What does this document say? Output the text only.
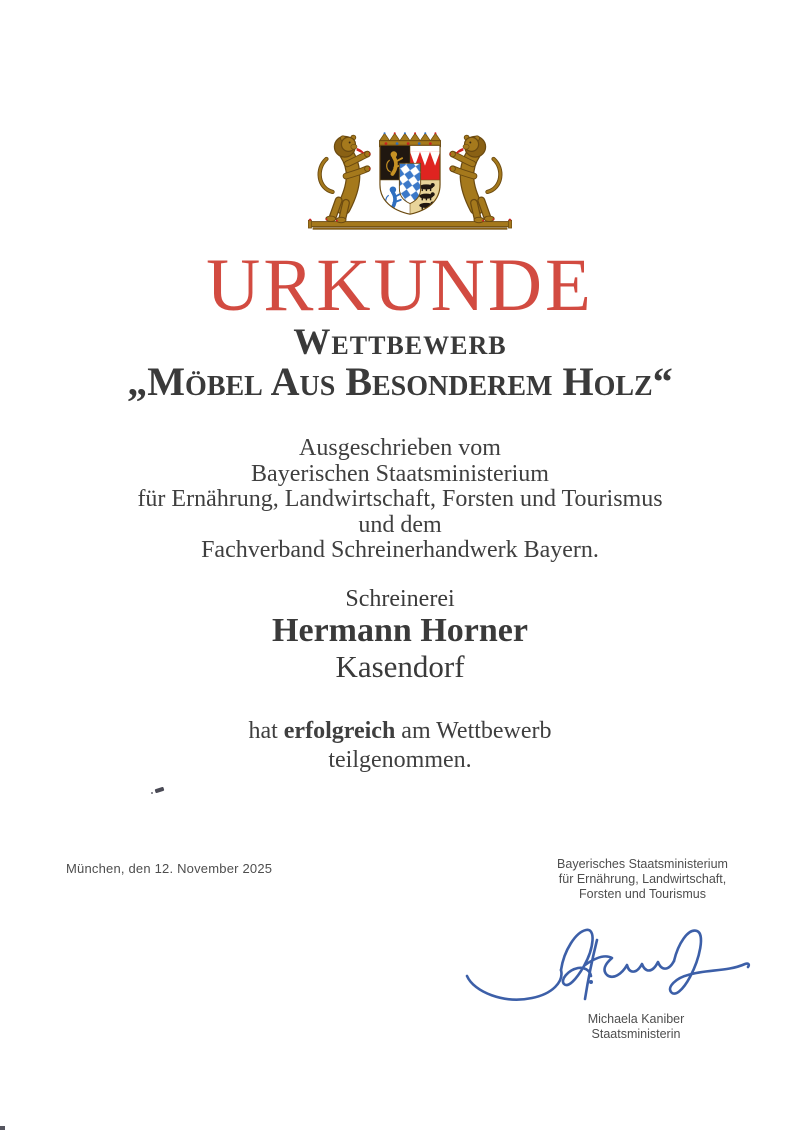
URKUNDE
Wettbewerb
„Möbel Aus Besonderem Holz“
Ausgeschrieben vom
Bayerischen Staatsministerium
für Ernährung, Landwirtschaft, Forsten und Tourismus
und dem
Fachverband Schreinerhandwerk Bayern.
Schreinerei
Hermann Horner
Kasendorf
hat erfolgreich am Wettbewerb
teilgenommen.
München, den 12. November 2025	Bayerisches Staatsministerium
für Ernährung, Landwirtschaft,
Forsten und Tourismus
Michaela Kaniber
Staatsministerin
